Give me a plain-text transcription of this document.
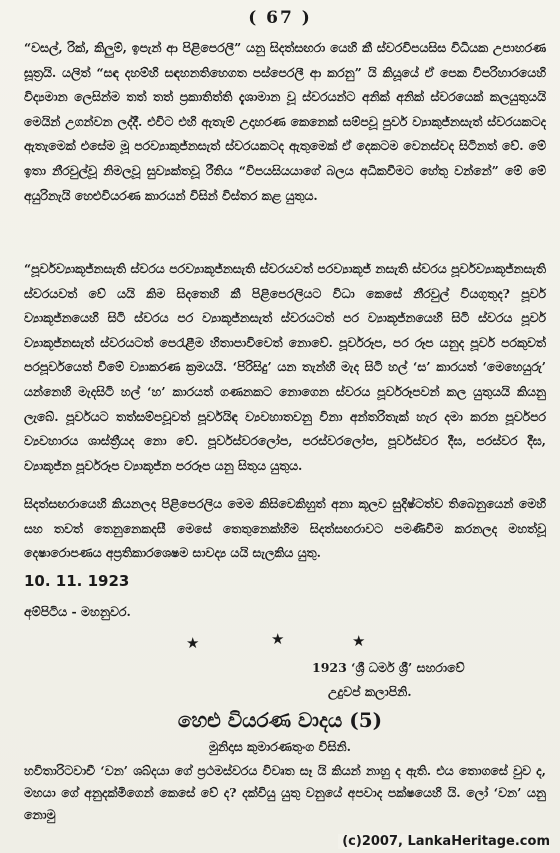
( 67 )
“වසල්, රික්, කිලුම්, ඉපැන් ආ පිළිපෙරලී” යනු සිදත්සඟරා යෙහි කී ස්වරවිපයසිස විධියක උපාහරණ සූත්‍රයි. යලිත් “සඳ දහම්හි සඳහනතිහෙගත පස්පෙරලී ආ කරනු” යි කියූයේ ඒ පෙක විපරිහාරයෙහි විද්‍යමාන ලෙසින්ම තත් තත් ප්‍රකාතිත්ති දැශාමාන වූ ස්වරයන්ට අනික් අනික් ස්වරයෙක් කලයුතුයයි මෙයින් උගන්වන ලද්දී. එවිට එහි ඇතැම් උදාහරණ කෙනෙක් සම්පවූ පුර්ව ව්‍යාකුජ්නසැත් ස්වරයකටද ඇතැමෙක් එසේම මූ පරව්‍යාකුජ්නසැත් ස්වරයකටද ඇතුමෙක් ඒ දෙකටම වෙනස්වද සිටිනත් වේ. මේ ඉතා නීරවුල්වූ නිමලවූ සුව්‍යක්තවූ රීතිය “විපයසියයාගේ බලය අධිකවීමට හේතු වන්නේ” මේ මේ අයුරිනැයි හෙළුවියරණ කාරයන් විසින් විස්තර කළ යුතුය.
“පූර්වව්‍යාකූජ්නසැති ස්වරය පරව්‍යාකූජ්නසැති ස්වරයවත් පරව්‍යාකූජ් නසැති ස්වරය පූර්වව්‍යාකූජ්නසැති ස්වරයවත් වේ යයි කිම සිදතෙහි කී පිළිපෙරලියට විධා කෙසේ නීරවුල් වියගුතුද? පූර්ව ව්‍යාකූජ්නයෙහි සිටි ස්වරය පර ව්‍යාකූජ්නසැත් ස්වරයටත් පර ව්‍යාකූජ්නයෙහි සිටි ස්වරය පූර්ව ව්‍යාකූජ්නසැත් ස්වරයටත් පෙරැළීම හිතාපාවිවෙත් නොවේ. පූර්වරූප, පර රූප යනුද පූර්ව පරකුවත් පරපූර්වයෙත් වීමේ ව්‍යාකරණ ක්‍රමයයි. ‘පිරිසිදු’ යන තැන්හි මැද සිටි හල් ‘ස’ කාරයත් ‘මෙහෙයුරු’ යන්නෙහි මැදසිටි හල් ‘හ’ කාරයත් ගණනකට නොගෙන ස්වරය පූර්වරූපවන් කල යුතුයයි කියනු ලැබේ. පූර්වයට තත්සම්පවූවත් පූර්වයිඳ ව්‍යවහාතවනු විනා අන්තරිතැක් හැර දමා කරන පූර්වපර ව්‍යවහාරය ශාස්ත්‍රීයද නො වේ. පූර්වස්වරලෝප, පරස්වරලෝප, පූර්වස්වර දීඝ, පරස්වර දීඝ, ව්‍යාකූජ්න පූර්වරූප ව්‍යාකූජ්න පරරූප යනු සිතුය යුතුය.
සිදත්සඟරායෙහි කියනලද පිළිපෙරලිය මෙම කිසිවෙකිහුත් අනා කූලව සුදිෂ්ටත්ව තිබෙනුයෙන් මෙහි සහ තවත් තෙනුනෙකදසී මෙසේ තෙතුනෙක්හිම සිදත්සඟරාවට පමණිවීම කරනලද මහත්වූ දෙෂාරොපණය අප්‍රතිකාරශෙෂම සාවද්‍ය යයි සැලකිය යුතු.
10. 11. 1923
අම්පිටිය - මහනුවර.
★	★	★
1923 ‘ශ්‍රී ධර්ම ශ්‍රී’ සහරාවේ
උදුවප් කලාපිනි.
හෙළු වියරණ වාදය (5)
මුනිදාස කුමාරණතුංග විසිනි.
හවිතාරිටවාචී ‘වන’ ශබ්දයා ගේ ප්‍රථමස්වරය විවෘත සෑ යි කියන් නාහු ද ඇති. එය තොගසේ වුව ද, මහයා ගේ අනුදක්මිගෙන් කෙසේ වේ ද? දක්වියු යුතු වනුයේ අපවාද පක්ෂයෙහි යි. ලෝ ‘වන’ යනු නොමු
(c)2007, LankaHeritage.com
